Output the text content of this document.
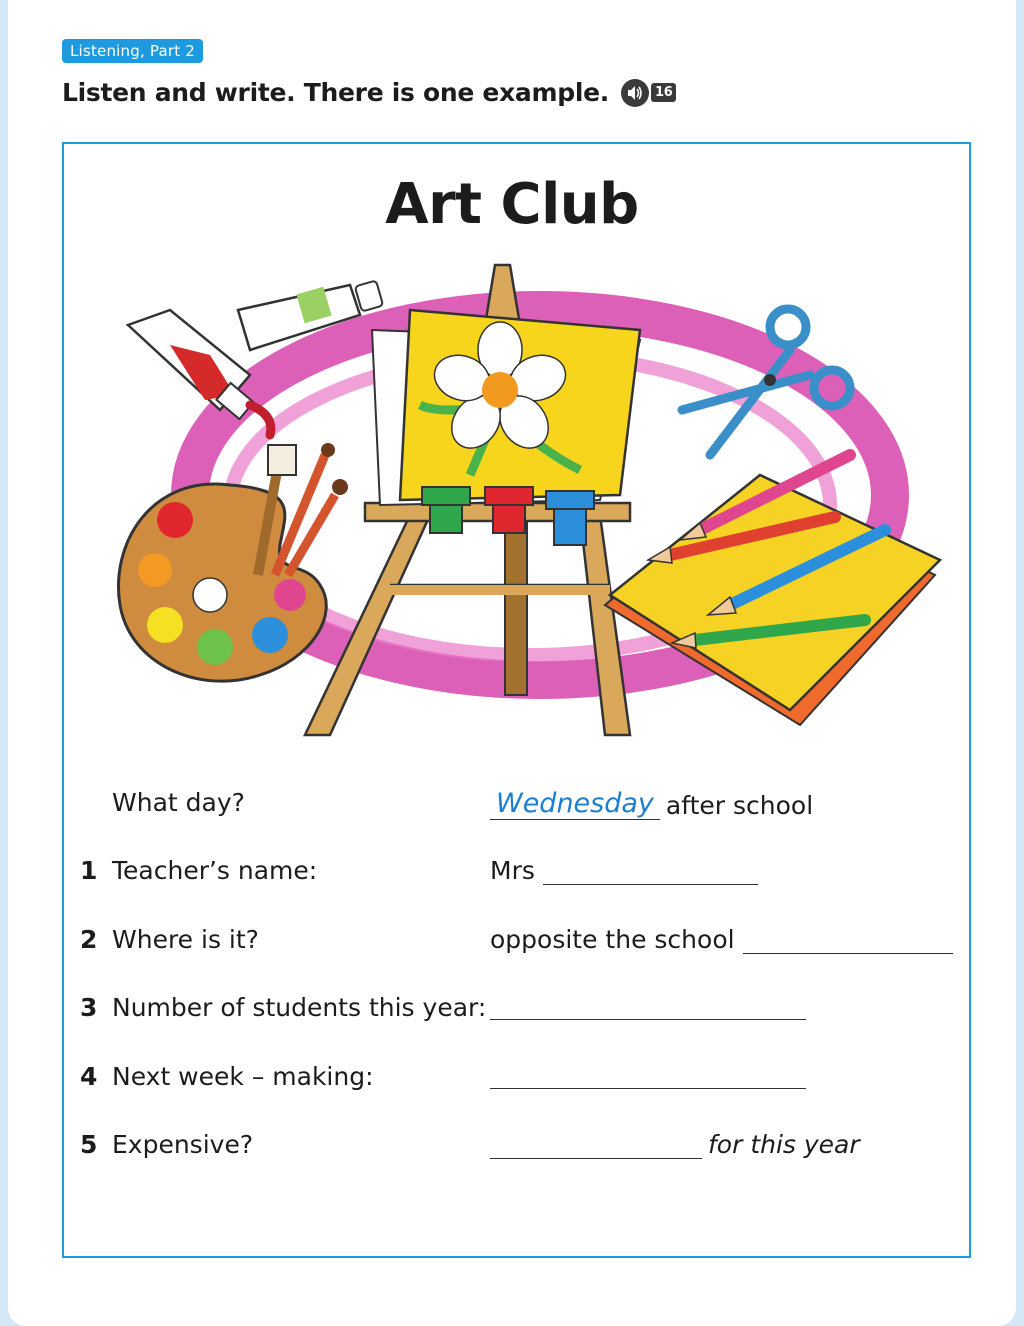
Listening, Part 2
Listen and write. There is one example.	16
Art Club
What day?	Wednesday after school
1 Teacher’s name:	Mrs
2 Where is it?	opposite the school
3 Number of students this year:
4 Next week – making:
5 Expensive?	for this year
